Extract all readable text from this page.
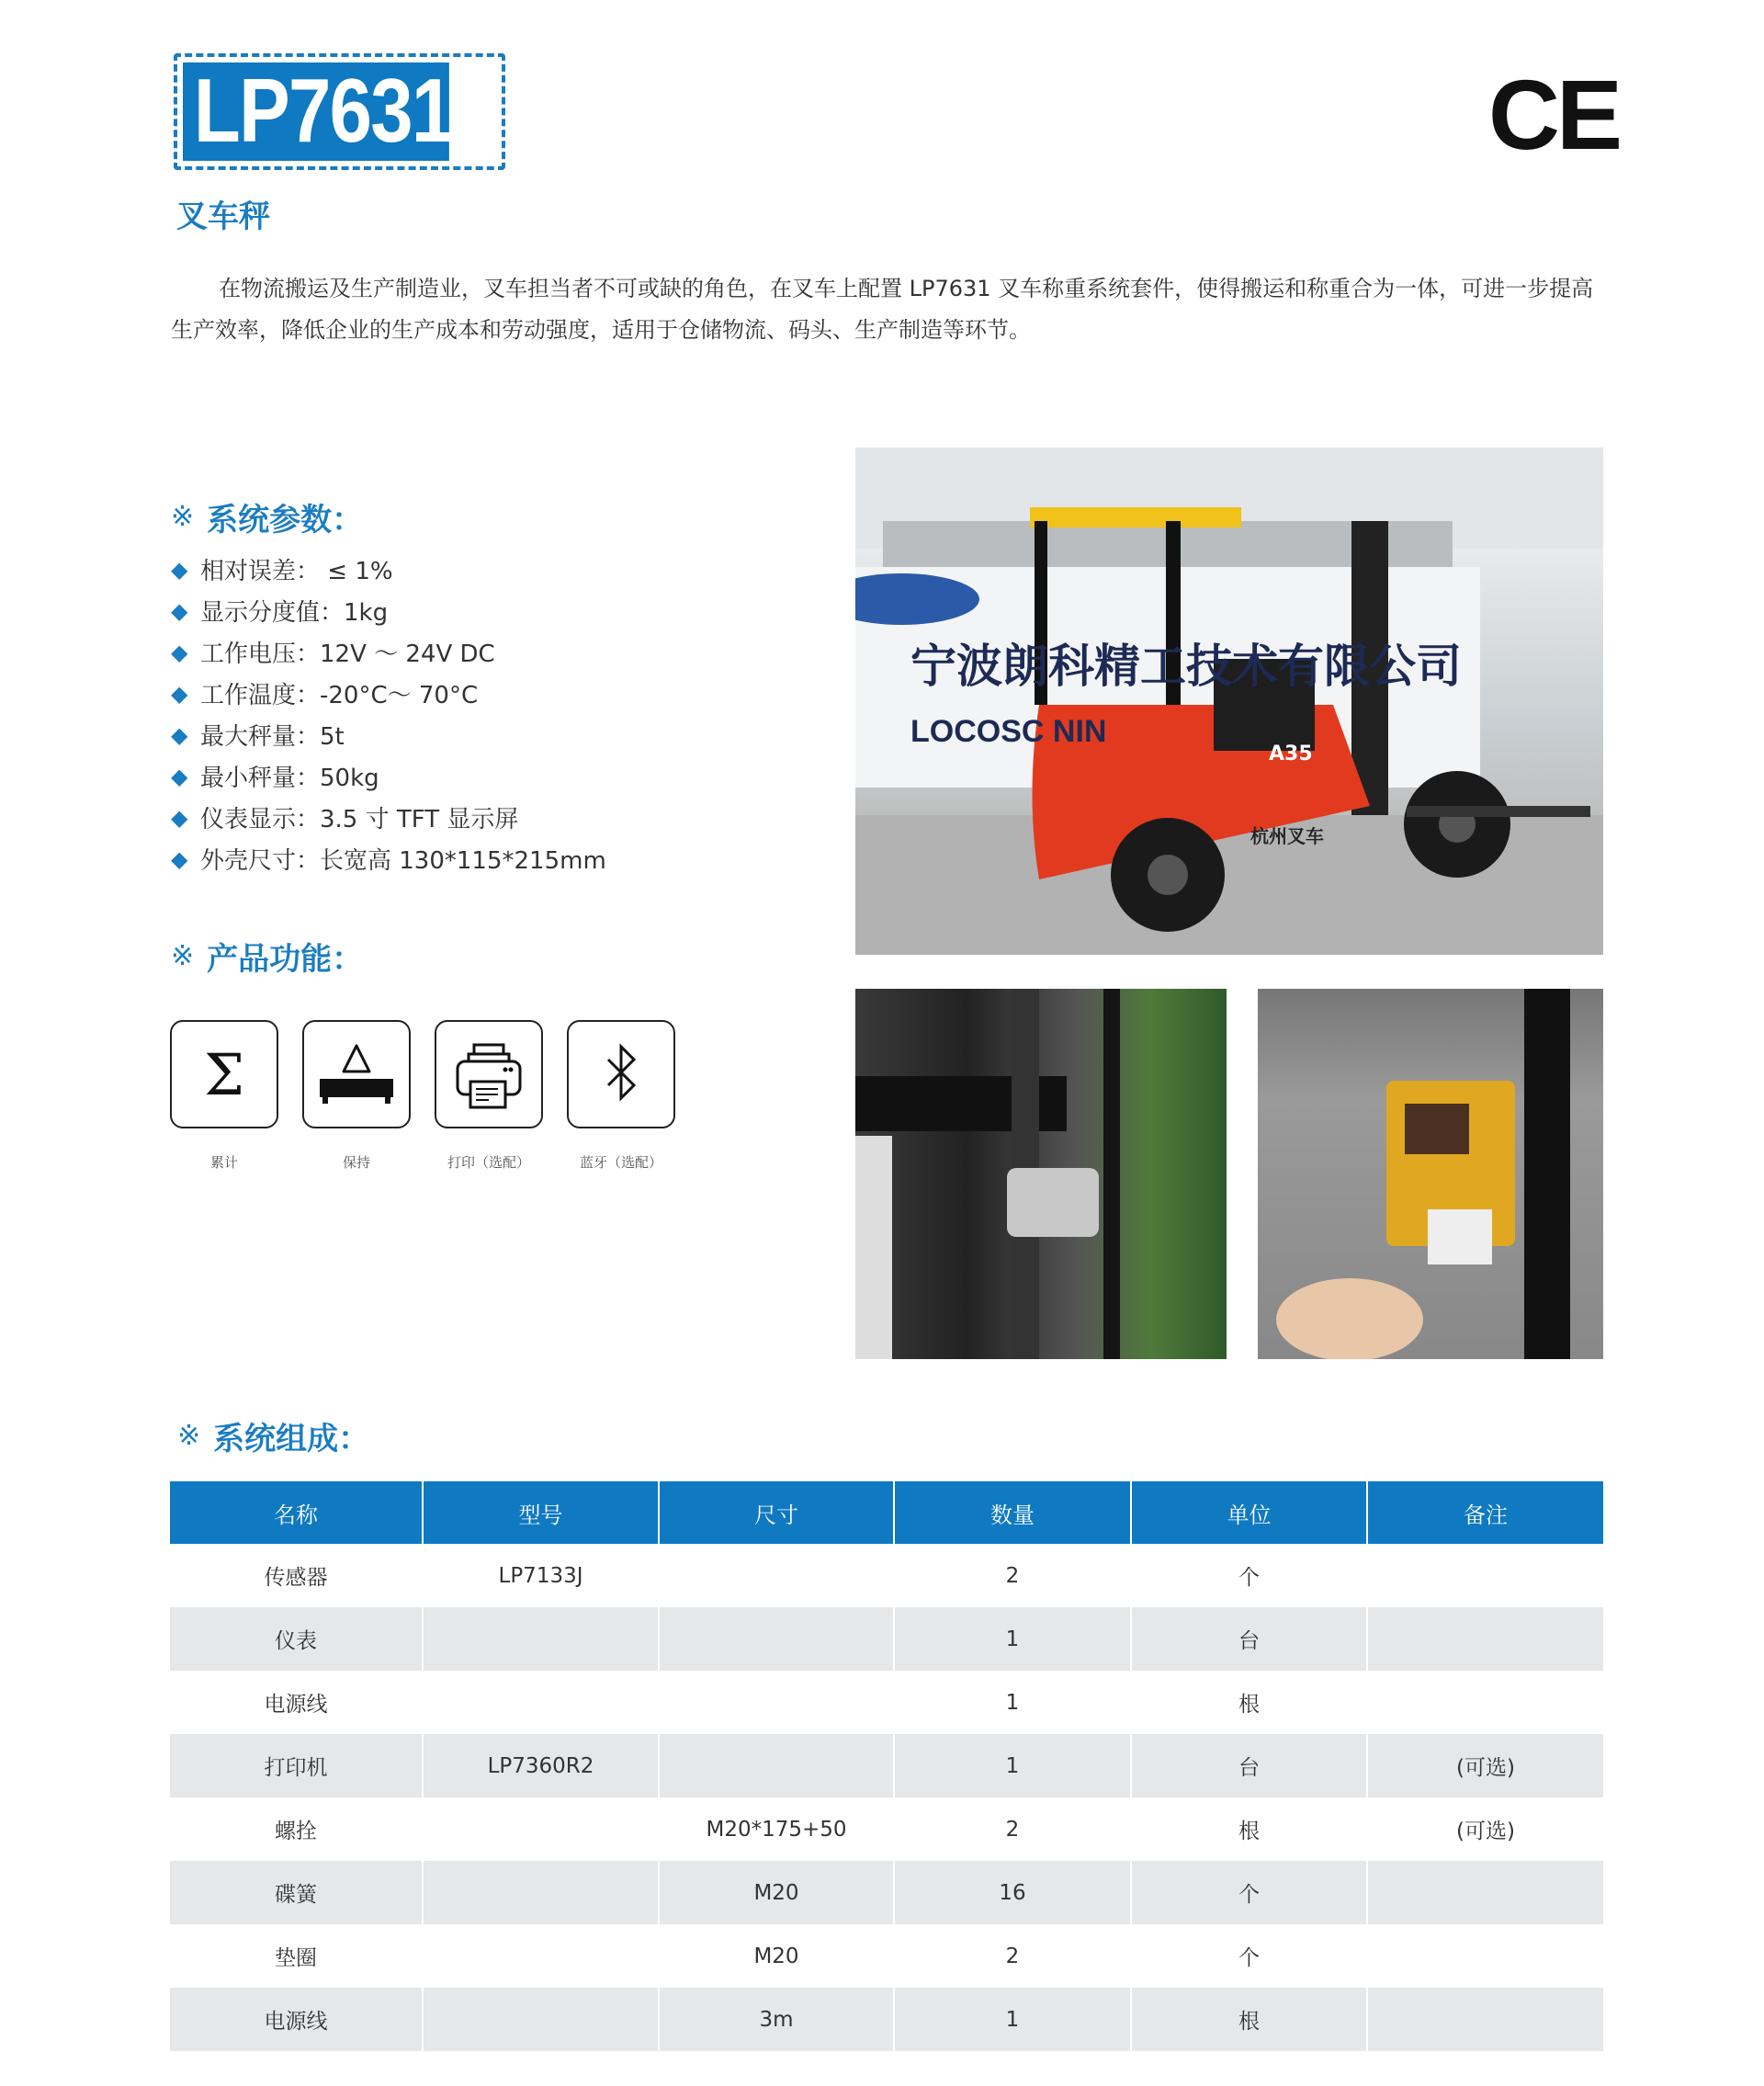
LP7631	CE
叉车秤

在物流搬运及生产制造业，叉车担当者不可或缺的角色，在叉车上配置 LP7631 叉车称重系统套件，使得搬运和称重合为一体，可进一步提高生产效率，降低企业的生产成本和劳动强度，适用于仓储物流、码头、生产制造等环节。

※ 系统参数：
◆ 相对误差： ≤ 1%
◆ 显示分度值：1kg
◆ 工作电压：12V ～ 24V DC
◆ 工作温度：-20°C～ 70°C
◆ 最大秤量：5t
◆ 最小秤量：50kg
◆ 仪表显示：3.5 寸 TFT 显示屏
◆ 外壳尺寸：长宽高 130*115*215mm
A35
杭州叉车
宁波朗科精工技术有限公司
LOCOSC NIN
※ 产品功能：
Σ
累计	保持	打印（选配）	蓝牙（选配）
※ 系统组成：
名称	型号	尺寸	数量	单位	备注
传感器	LP7133J		2	个	
仪表			1	台	
电源线			1	根	
打印机	LP7360R2		1	台	(可选)
螺拴		M20*175+50	2	根	(可选)
碟簧		M20	16	个	
垫圈		M20	2	个	
电源线		3m	1	根	
